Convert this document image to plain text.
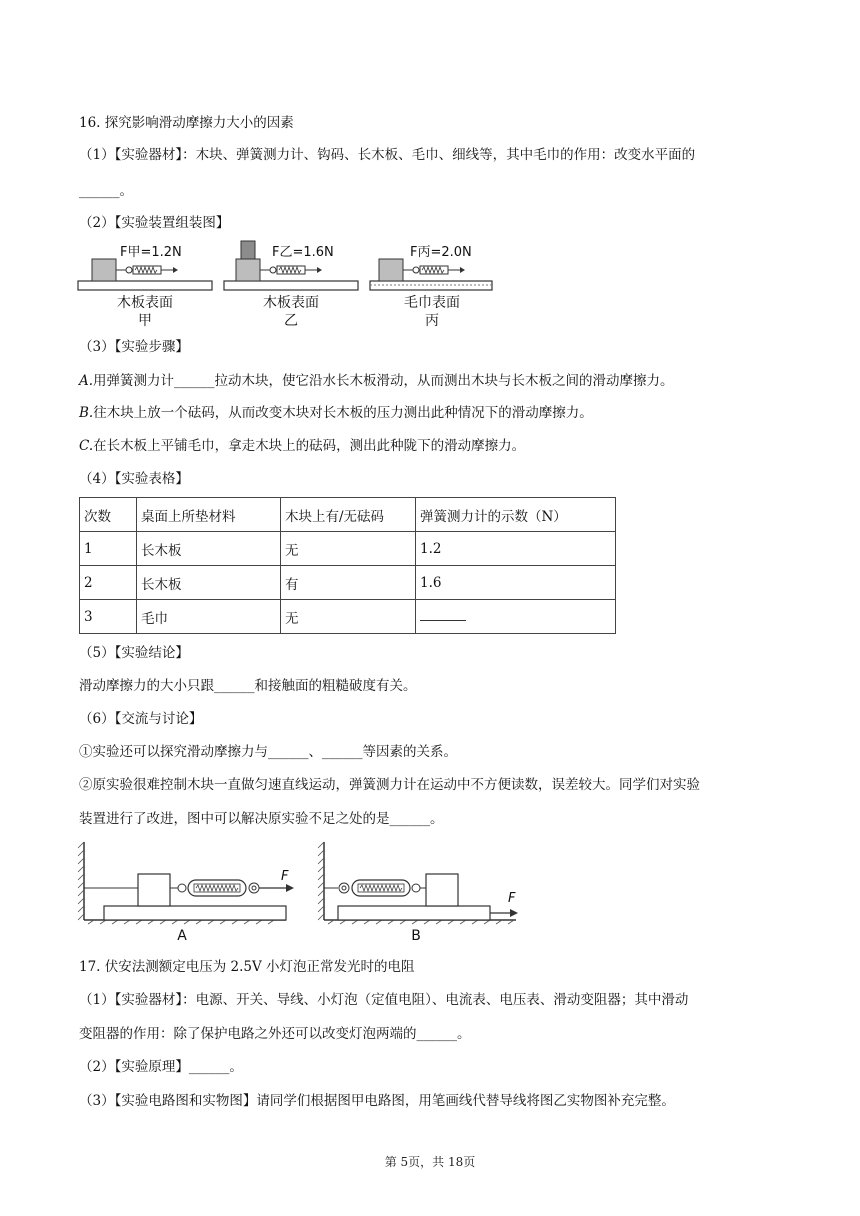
16. 探究影响滑动摩擦力大小的因素
（1）【实验器材】：木块、弹簧测力计、钩码、长木板、毛巾、细线等，其中毛巾的作用：改变水平面的
______。
（2）【实验装置组装图】
F甲=1.2N
木板表面
甲
F乙=1.6N
木板表面
乙
F丙=2.0N
毛巾表面
丙
（3）【实验步骤】
A.用弹簧测力计______拉动木块，使它沿水长木板滑动，从而测出木块与长木板之间的滑动摩擦力。
B.往木块上放一个砝码，从而改变木块对长木板的压力测出此种情况下的滑动摩擦力。
C.在长木板上平铺毛巾，拿走木块上的砝码，测出此种陇下的滑动摩擦力。
（4）【实验表格】
次数	桌面上所垫材料	木块上有/无砝码	弹簧测力计的示数（N）
1	长木板	无	1.2
2	长木板	有	1.6
3	毛巾	无	
（5）【实验结论】
滑动摩擦力的大小只跟______和接触面的粗糙破度有关。
（6）【交流与讨论】
①实验还可以探究滑动摩擦力与______、______等因素的关系。
②原实验很难控制木块一直做匀速直线运动，弹簧测力计在运动中不方便读数，误差较大。同学们对实验
装置进行了改进，图中可以解决原实验不足之处的是______。
F
A
F
B
17. 伏安法测额定电压为 2.5V 小灯泡正常发光时的电阻
（1）【实验器材】：电源、开关、导线、小灯泡（定值电阻）、电流表、电压表、滑动变阻器；其中滑动
变阻器的作用：除了保护电路之外还可以改变灯泡两端的______。
（2）【实验原理】______。
（3）【实验电路图和实物图】请同学们根据图甲电路图，用笔画线代替导线将图乙实物图补充完整。
第 5页，共 18页
